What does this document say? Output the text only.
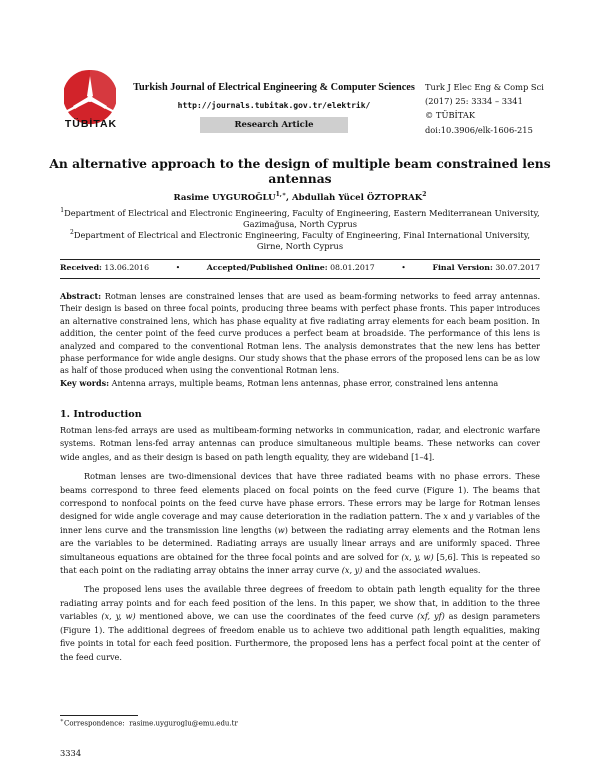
TÜBİTAK
Turkish Journal of Electrical Engineering & Computer Sciences
http://journals.tubitak.gov.tr/elektrik/
Research Article
Turk J Elec Eng & Comp Sci
(2017) 25: 3334 – 3341
© TÜBİTAK
doi:10.3906/elk-1606-215
An alternative approach to the design of multiple beam constrained lens antennas
Rasime $UYGUROĞLU^{1,∗}$, Abdullah Yücel ÖZTOPRAK$^2$
$^1$Department of Electrical and Electronic Engineering, Faculty of Engineering, Eastern Mediterranean University,
Gazimağusa, North Cyprus
$^2$Department of Electrical and Electronic Engineering, Faculty of Engineering, Final International University,
Girne, North Cyprus
Received: 13.06.2016	•	Accepted/Published Online: 08.01.2017	•	Final Version: 30.07.2017
Abstract: Rotman lenses are constrained lenses that are used as beam-forming networks to feed array antennas. Their design is based on three focal points, producing three beams with perfect phase fronts. This paper introduces an alternative constrained lens, which has phase equality at five radiating array elements for each beam position. In addition, the center point of the feed curve produces a perfect beam at broadside. The performance of this lens is analyzed and compared to the conventional Rotman lens. The analysis demonstrates that the new lens has better phase performance for wide angle designs. Our study shows that the phase errors of the proposed lens can be as low as half of those produced when using the conventional Rotman lens.
Key words: Antenna arrays, multiple beams, Rotman lens antennas, phase error, constrained lens antenna
1. Introduction

Rotman lens-fed arrays are used as multibeam-forming networks in communication, radar, and electronic warfare systems. Rotman lens-fed array antennas can produce simultaneous multiple beams. These networks can cover wide angles, and as their design is based on path length equality, they are wideband [1–4].

Rotman lenses are two-dimensional devices that have three radiated beams with no phase errors. These beams correspond to three feed elements placed on focal points on the feed curve (Figure 1). The beams that correspond to nonfocal points on the feed curve have phase errors. These errors may be large for Rotman lenses designed for wide angle coverage and may cause deterioration in the radiation pattern. The x and y variables of the inner lens curve and the transmission line lengths (w) between the radiating array elements and the Rotman lens are the variables to be determined. Radiating arrays are usually linear arrays and are uniformly spaced. Three simultaneous equations are obtained for the three focal points and are solved for (x, y, w) [5,6]. This is repeated so that each point on the radiating array obtains the inner array curve (x, y) and the associated wvalues.

The proposed lens uses the available three degrees of freedom to obtain path length equality for the three radiating array points and for each feed position of the lens. In this paper, we show that, in addition to the three variables (x, y, w) mentioned above, we can use the coordinates of the feed curve (xf, yf) as design parameters (Figure 1). The additional degrees of freedom enable us to achieve two additional path length equalities, making five points in total for each feed position. Furthermore, the proposed lens has a perfect focal point at the center of the feed curve.

∗Correspondence: rasime.uyguroglu@emu.edu.tr
3334
